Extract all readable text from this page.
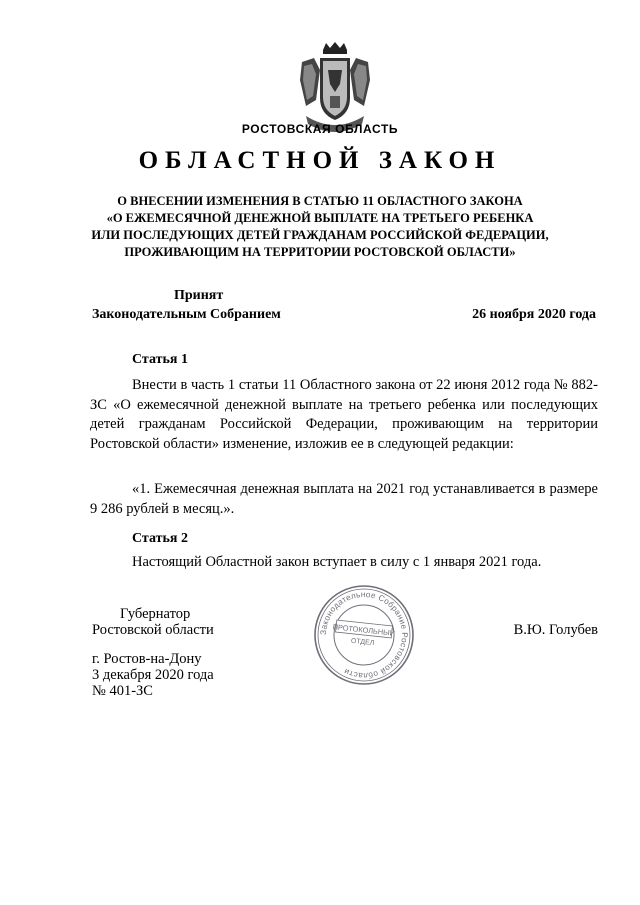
РОСТОВСКАЯ ОБЛАСТЬ
ОБЛАСТНОЙ ЗАКОН
О ВНЕСЕНИИ ИЗМЕНЕНИЯ В СТАТЬЮ 11 ОБЛАСТНОГО ЗАКОНА
«О ЕЖЕМЕСЯЧНОЙ ДЕНЕЖНОЙ ВЫПЛАТЕ НА ТРЕТЬЕГО РЕБЕНКА
ИЛИ ПОСЛЕДУЮЩИХ ДЕТЕЙ ГРАЖДАНАМ РОССИЙСКОЙ ФЕДЕРАЦИИ,
ПРОЖИВАЮЩИМ НА ТЕРРИТОРИИ РОСТОВСКОЙ ОБЛАСТИ»
Принят
Законодательным Собранием	26 ноября 2020 года
Статья 1

Внести в часть 1 статьи 11 Областного закона от 22 июня 2012 года № 882-ЗС «О ежемесячной денежной выплате на третьего ребенка или последующих детей гражданам Российской Федерации, проживающим на территории Ростовской области» изменение, изложив ее в следующей редакции:

«1. Ежемесячная денежная выплата на 2021 год устанавливается в размере 9 286 рублей в месяц.».

Статья 2

Настоящий Областной закон вступает в силу с 1 января 2021 года.

Губернатор
Ростовской области	В.Ю. Голубев
г. Ростов-на-Дону
3 декабря 2020 года
№ 401-ЗС
Законодательное Собрание Ростовской области
ПРОТОКОЛЬНЫЙ
ОТДЕЛ
